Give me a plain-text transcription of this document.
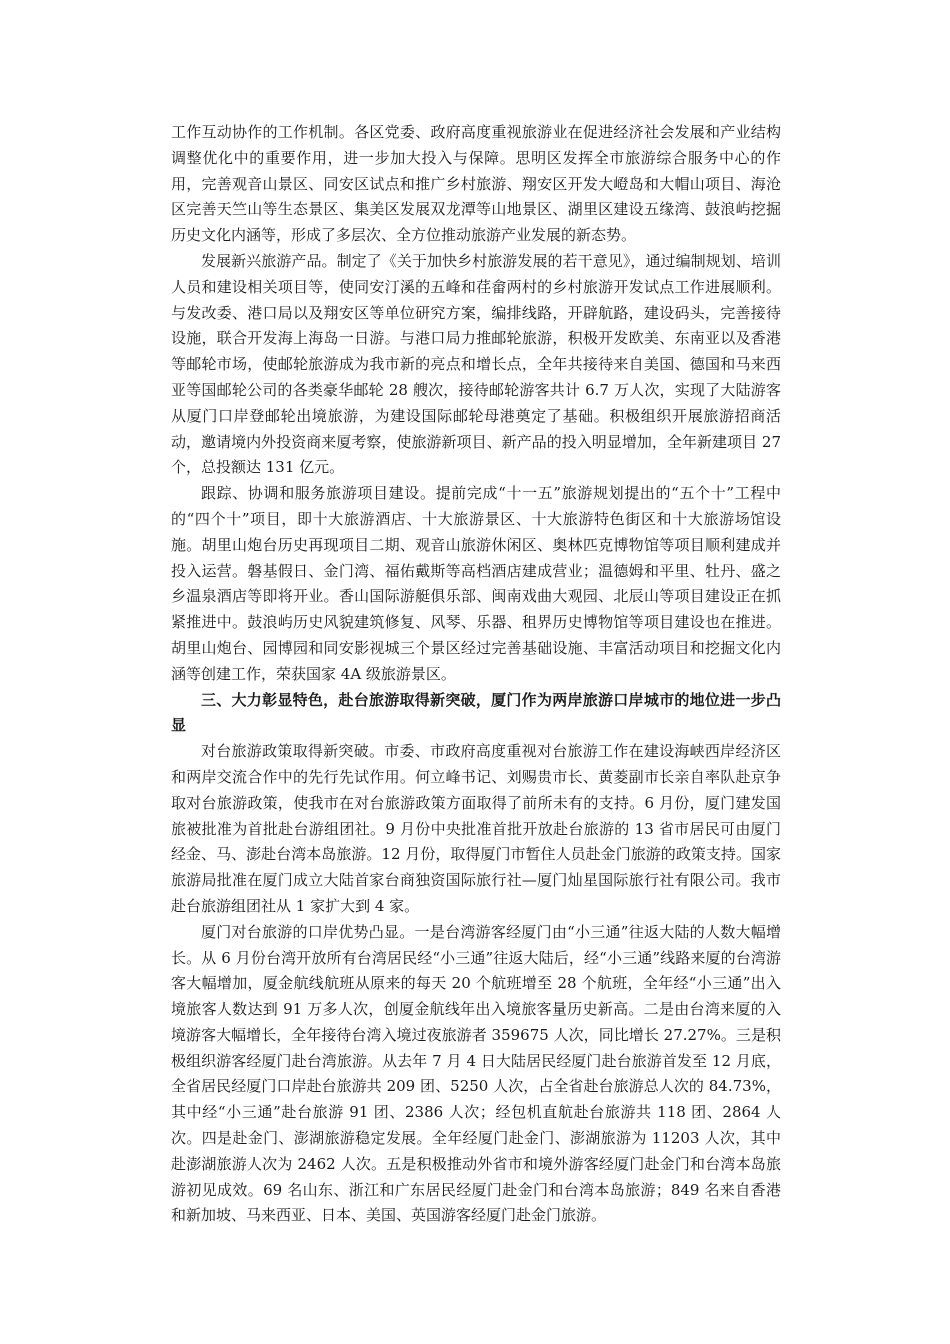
工作互动协作的工作机制。各区党委、政府高度重视旅游业在促进经济社会发展和产业结构调整优化中的重要作用，进一步加大投入与保障。思明区发挥全市旅游综合服务中心的作用，完善观音山景区、同安区试点和推广乡村旅游、翔安区开发大嶝岛和大帽山项目、海沧区完善天竺山等生态景区、集美区发展双龙潭等山地景区、湖里区建设五缘湾、鼓浪屿挖掘历史文化内涵等，形成了多层次、全方位推动旅游产业发展的新态势。

发展新兴旅游产品。制定了《关于加快乡村旅游发展的若干意见》，通过编制规划、培训人员和建设相关项目等，使同安汀溪的五峰和荏畲两村的乡村旅游开发试点工作进展顺利。与发改委、港口局以及翔安区等单位研究方案，编排线路，开辟航路，建设码头，完善接待设施，联合开发海上海岛一日游。与港口局力推邮轮旅游，积极开发欧美、东南亚以及香港等邮轮市场，使邮轮旅游成为我市新的亮点和增长点，全年共接待来自美国、德国和马来西亚等国邮轮公司的各类豪华邮轮 28 艘次，接待邮轮游客共计 6.7 万人次，实现了大陆游客从厦门口岸登邮轮出境旅游，为建设国际邮轮母港奠定了基础。积极组织开展旅游招商活动，邀请境内外投资商来厦考察，使旅游新项目、新产品的投入明显增加，全年新建项目 27 个，总投额达 131 亿元。

跟踪、协调和服务旅游项目建设。提前完成“十一五”旅游规划提出的“五个十”工程中的“四个十”项目，即十大旅游酒店、十大旅游景区、十大旅游特色街区和十大旅游场馆设施。胡里山炮台历史再现项目二期、观音山旅游休闲区、奥林匹克博物馆等项目顺利建成并投入运营。磐基假日、金门湾、福佑戴斯等高档酒店建成营业；温德姆和平里、牡丹、盛之乡温泉酒店等即将开业。香山国际游艇俱乐部、闽南戏曲大观园、北辰山等项目建设正在抓紧推进中。鼓浪屿历史风貌建筑修复、风琴、乐器、租界历史博物馆等项目建设也在推进。胡里山炮台、园博园和同安影视城三个景区经过完善基础设施、丰富活动项目和挖掘文化内涵等创建工作，荣获国家 4A 级旅游景区。

三、大力彰显特色，赴台旅游取得新突破，厦门作为两岸旅游口岸城市的地位进一步凸显

对台旅游政策取得新突破。市委、市政府高度重视对台旅游工作在建设海峡西岸经济区和两岸交流合作中的先行先试作用。何立峰书记、刘赐贵市长、黄菱副市长亲自率队赴京争取对台旅游政策，使我市在对台旅游政策方面取得了前所未有的支持。6 月份，厦门建发国旅被批准为首批赴台游组团社。9 月份中央批准首批开放赴台旅游的 13 省市居民可由厦门经金、马、澎赴台湾本岛旅游。12 月份，取得厦门市暂住人员赴金门旅游的政策支持。国家旅游局批准在厦门成立大陆首家台商独资国际旅行社—厦门灿星国际旅行社有限公司。我市赴台旅游组团社从 1 家扩大到 4 家。

厦门对台旅游的口岸优势凸显。一是台湾游客经厦门由“小三通”往返大陆的人数大幅增长。从 6 月份台湾开放所有台湾居民经“小三通”往返大陆后，经“小三通”线路来厦的台湾游客大幅增加，厦金航线航班从原来的每天 20 个航班增至 28 个航班，全年经“小三通”出入境旅客人数达到 91 万多人次，创厦金航线年出入境旅客量历史新高。二是由台湾来厦的入境游客大幅增长，全年接待台湾入境过夜旅游者 359675 人次，同比增长 27.27%。三是积极组织游客经厦门赴台湾旅游。从去年 7 月 4 日大陆居民经厦门赴台旅游首发至 12 月底，全省居民经厦门口岸赴台旅游共 209 团、5250 人次，占全省赴台旅游总人次的 84.73%，其中经“小三通”赴台旅游 91 团、2386 人次；经包机直航赴台旅游共 118 团、2864 人次。四是赴金门、澎湖旅游稳定发展。全年经厦门赴金门、澎湖旅游为 11203 人次，其中赴澎湖旅游人次为 2462 人次。五是积极推动外省市和境外游客经厦门赴金门和台湾本岛旅游初见成效。69 名山东、浙江和广东居民经厦门赴金门和台湾本岛旅游；849 名来自香港和新加坡、马来西亚、日本、美国、英国游客经厦门赴金门旅游。
